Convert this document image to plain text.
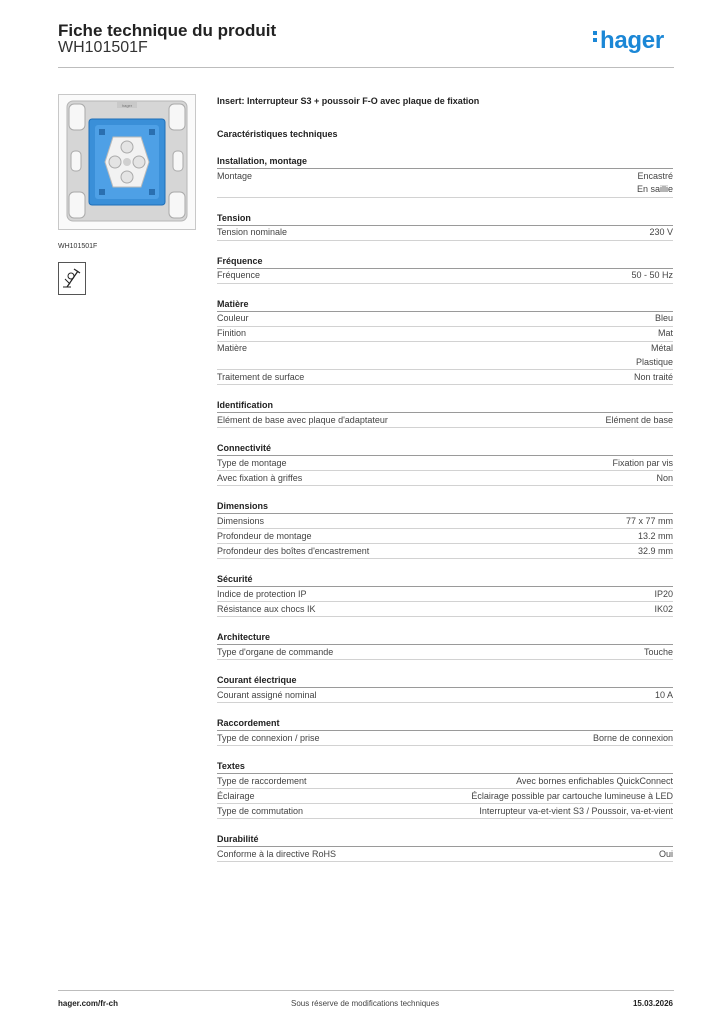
Fiche technique du produit
WH101501F	hager
hager
WH101501F
Insert: Interrupteur S3 + poussoir F-O avec plaque de fixation
Caractéristiques techniques
Installation, montage
Montage	Encastré
En saillie
Tension
Tension nominale	230 V
Fréquence
Fréquence	50 - 50 Hz
Matière
Couleur	Bleu
Finition	Mat
Matière	Métal
Plastique
Traitement de surface	Non traité
Identification
Elément de base avec plaque d'adaptateur	Elément de base
Connectivité
Type de montage	Fixation par vis
Avec fixation à griffes	Non
Dimensions
Dimensions	77 x 77 mm
Profondeur de montage	13.2 mm
Profondeur des boîtes d'encastrement	32.9 mm
Sécurité
Indice de protection IP	IP20
Résistance aux chocs IK	IK02
Architecture
Type d'organe de commande	Touche
Courant électrique
Courant assigné nominal	10 A
Raccordement
Type de connexion / prise	Borne de connexion
Textes
Type de raccordement	Avec bornes enfichables QuickConnect
Éclairage	Éclairage possible par cartouche lumineuse à LED
Type de commutation	Interrupteur va-et-vient S3 / Poussoir, va-et-vient
Durabilité
Conforme à la directive RoHS	Oui
hager.com/fr-ch	Sous réserve de modifications techniques	15.03.2026
